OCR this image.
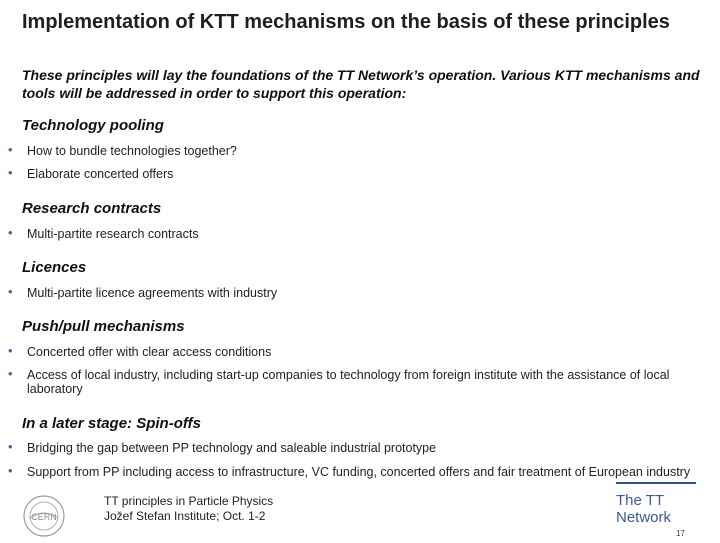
Implementation of KTT mechanisms on the basis of these principles
These principles will lay the foundations of the TT Network’s operation. Various KTT mechanisms and tools will be addressed in order to support this operation:
Technology pooling
•	How to bundle technologies together?
•	Elaborate concerted offers
Research contracts
•	Multi-partite research contracts
Licences
•	Multi-partite licence agreements with industry
Push/pull mechanisms
•	Concerted offer with clear access conditions
•	Access of local industry, including start-up companies to technology from foreign institute with the assistance of local laboratory
In a later stage: Spin-offs
•	Bridging the gap between PP technology and saleable industrial prototype
•	Support from PP including access to infrastructure, VC funding, concerted offers and fair treatment of European industry
CERN
TT principles in Particle Physics
Jožef Stefan Institute; Oct. 1-2
The TT
Network
17
